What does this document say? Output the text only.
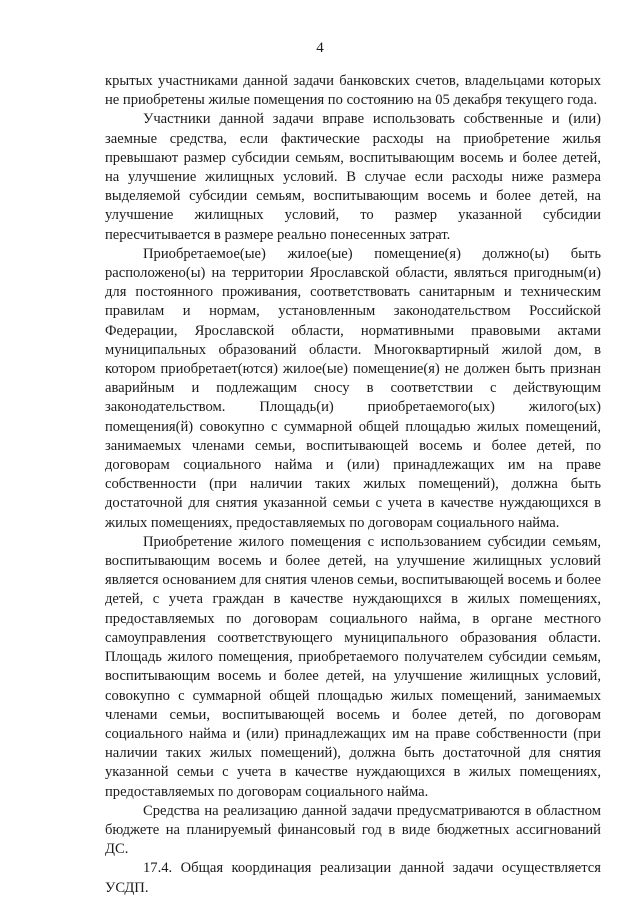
4

крытых участниками данной задачи банковских счетов, владельцами которых не приобретены жилые помещения по состоянию на 05 декабря текущего года.

Участники данной задачи вправе использовать собственные и (или) заемные средства, если фактические расходы на приобретение жилья превышают размер субсидии семьям, воспитывающим восемь и более детей, на улучшение жилищных условий. В случае если расходы ниже размера выделяемой субсидии семьям, воспитывающим восемь и более детей, на улучшение жилищных условий, то размер указанной субсидии пересчитывается в размере реально понесенных затрат.

Приобретаемое(ые) жилое(ые) помещение(я) должно(ы) быть расположено(ы) на территории Ярославской области, являться пригодным(и) для постоянного проживания, соответствовать санитарным и техническим правилам и нормам, установленным законодательством Российской Федерации, Ярославской области, нормативными правовыми актами муниципальных образований области. Многоквартирный жилой дом, в котором приобретает(ются) жилое(ые) помещение(я) не должен быть признан аварийным и подлежащим сносу в соответствии с действующим законодательством. Площадь(и) приобретаемого(ых) жилого(ых) помещения(й) совокупно с суммарной общей площадью жилых помещений, занимаемых членами семьи, воспитывающей восемь и более детей, по договорам социального найма и (или) принадлежащих им на праве собственности (при наличии таких жилых помещений), должна быть достаточной для снятия указанной семьи с учета в качестве нуждающихся в жилых помещениях, предоставляемых по договорам социального найма.

Приобретение жилого помещения с использованием субсидии семьям, воспитывающим восемь и более детей, на улучшение жилищных условий является основанием для снятия членов семьи, воспитывающей восемь и более детей, с учета граждан в качестве нуждающихся в жилых помещениях, предоставляемых по договорам социального найма, в органе местного самоуправления соответствующего муниципального образования области. Площадь жилого помещения, приобретаемого получателем субсидии семьям, воспитывающим восемь и более детей, на улучшение жилищных условий, совокупно с суммарной общей площадью жилых помещений, занимаемых членами семьи, воспитывающей восемь и более детей, по договорам социального найма и (или) принадлежащих им на праве собственности (при наличии таких жилых помещений), должна быть достаточной для снятия указанной семьи с учета в качестве нуждающихся в жилых помещениях, предоставляемых по договорам социального найма.

Средства на реализацию данной задачи предусматриваются в областном бюджете на планируемый финансовый год в виде бюджетных ассигнований ДС.

17.4. Общая координация реализации данной задачи осуществляется УСДП.
